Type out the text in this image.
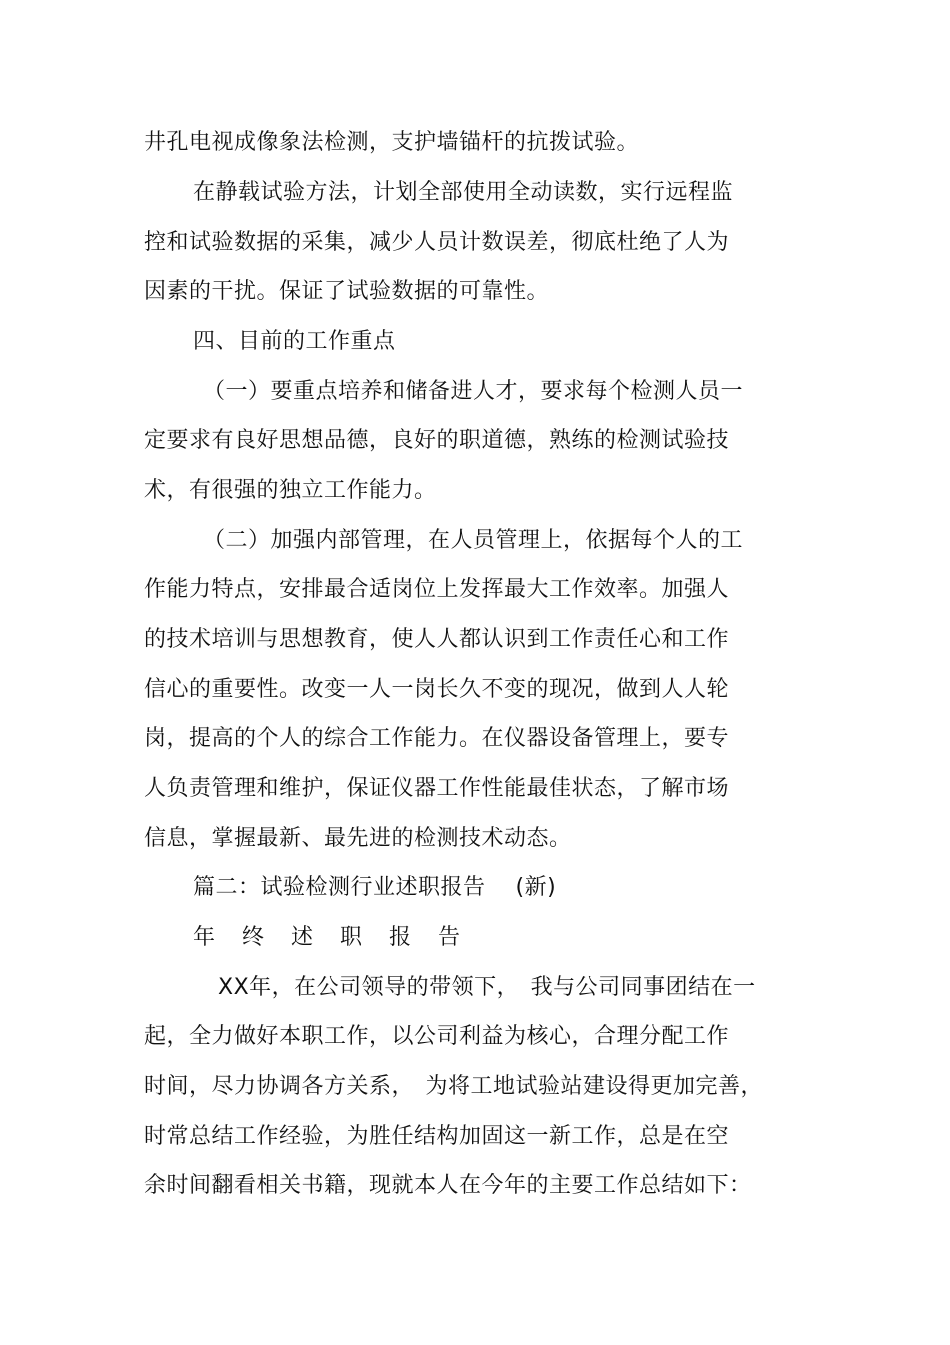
井孔电视成像象法检测，支护墙锚杆的抗拨试验。
在静载试验方法，计划全部使用全动读数，实行远程监
控和试验数据的采集，减少人员计数误差，彻底杜绝了人为
因素的干扰。保证了试验数据的可靠性。
四、目前的工作重点
（一）要重点培养和储备进人才，要求每个检测人员一
定要求有良好思想品德，良好的职道德，熟练的检测试验技
术，有很强的独立工作能力。
（二）加强内部管理，在人员管理上，依据每个人的工
作能力特点，安排最合适岗位上发挥最大工作效率。加强人
的技术培训与思想教育，使人人都认识到工作责任心和工作
信心的重要性。改变一人一岗长久不变的现况，做到人人轮
岗，提高的个人的综合工作能力。在仪器设备管理上，要专
人负责管理和维护，保证仪器工作性能最佳状态，了解市场
信息，掌握最新、最先进的检测技术动态。
篇二：试验检测行业述职报告　 (新)
年终述职报告
XX年，在公司领导的带领下，　我与公司同事团结在一
起，全力做好本职工作，以公司利益为核心，合理分配工作
时间，尽力协调各方关系，　为将工地试验站建设得更加完善，
时常总结工作经验，为胜任结构加固这一新工作，总是在空
余时间翻看相关书籍，现就本人在今年的主要工作总结如下：
